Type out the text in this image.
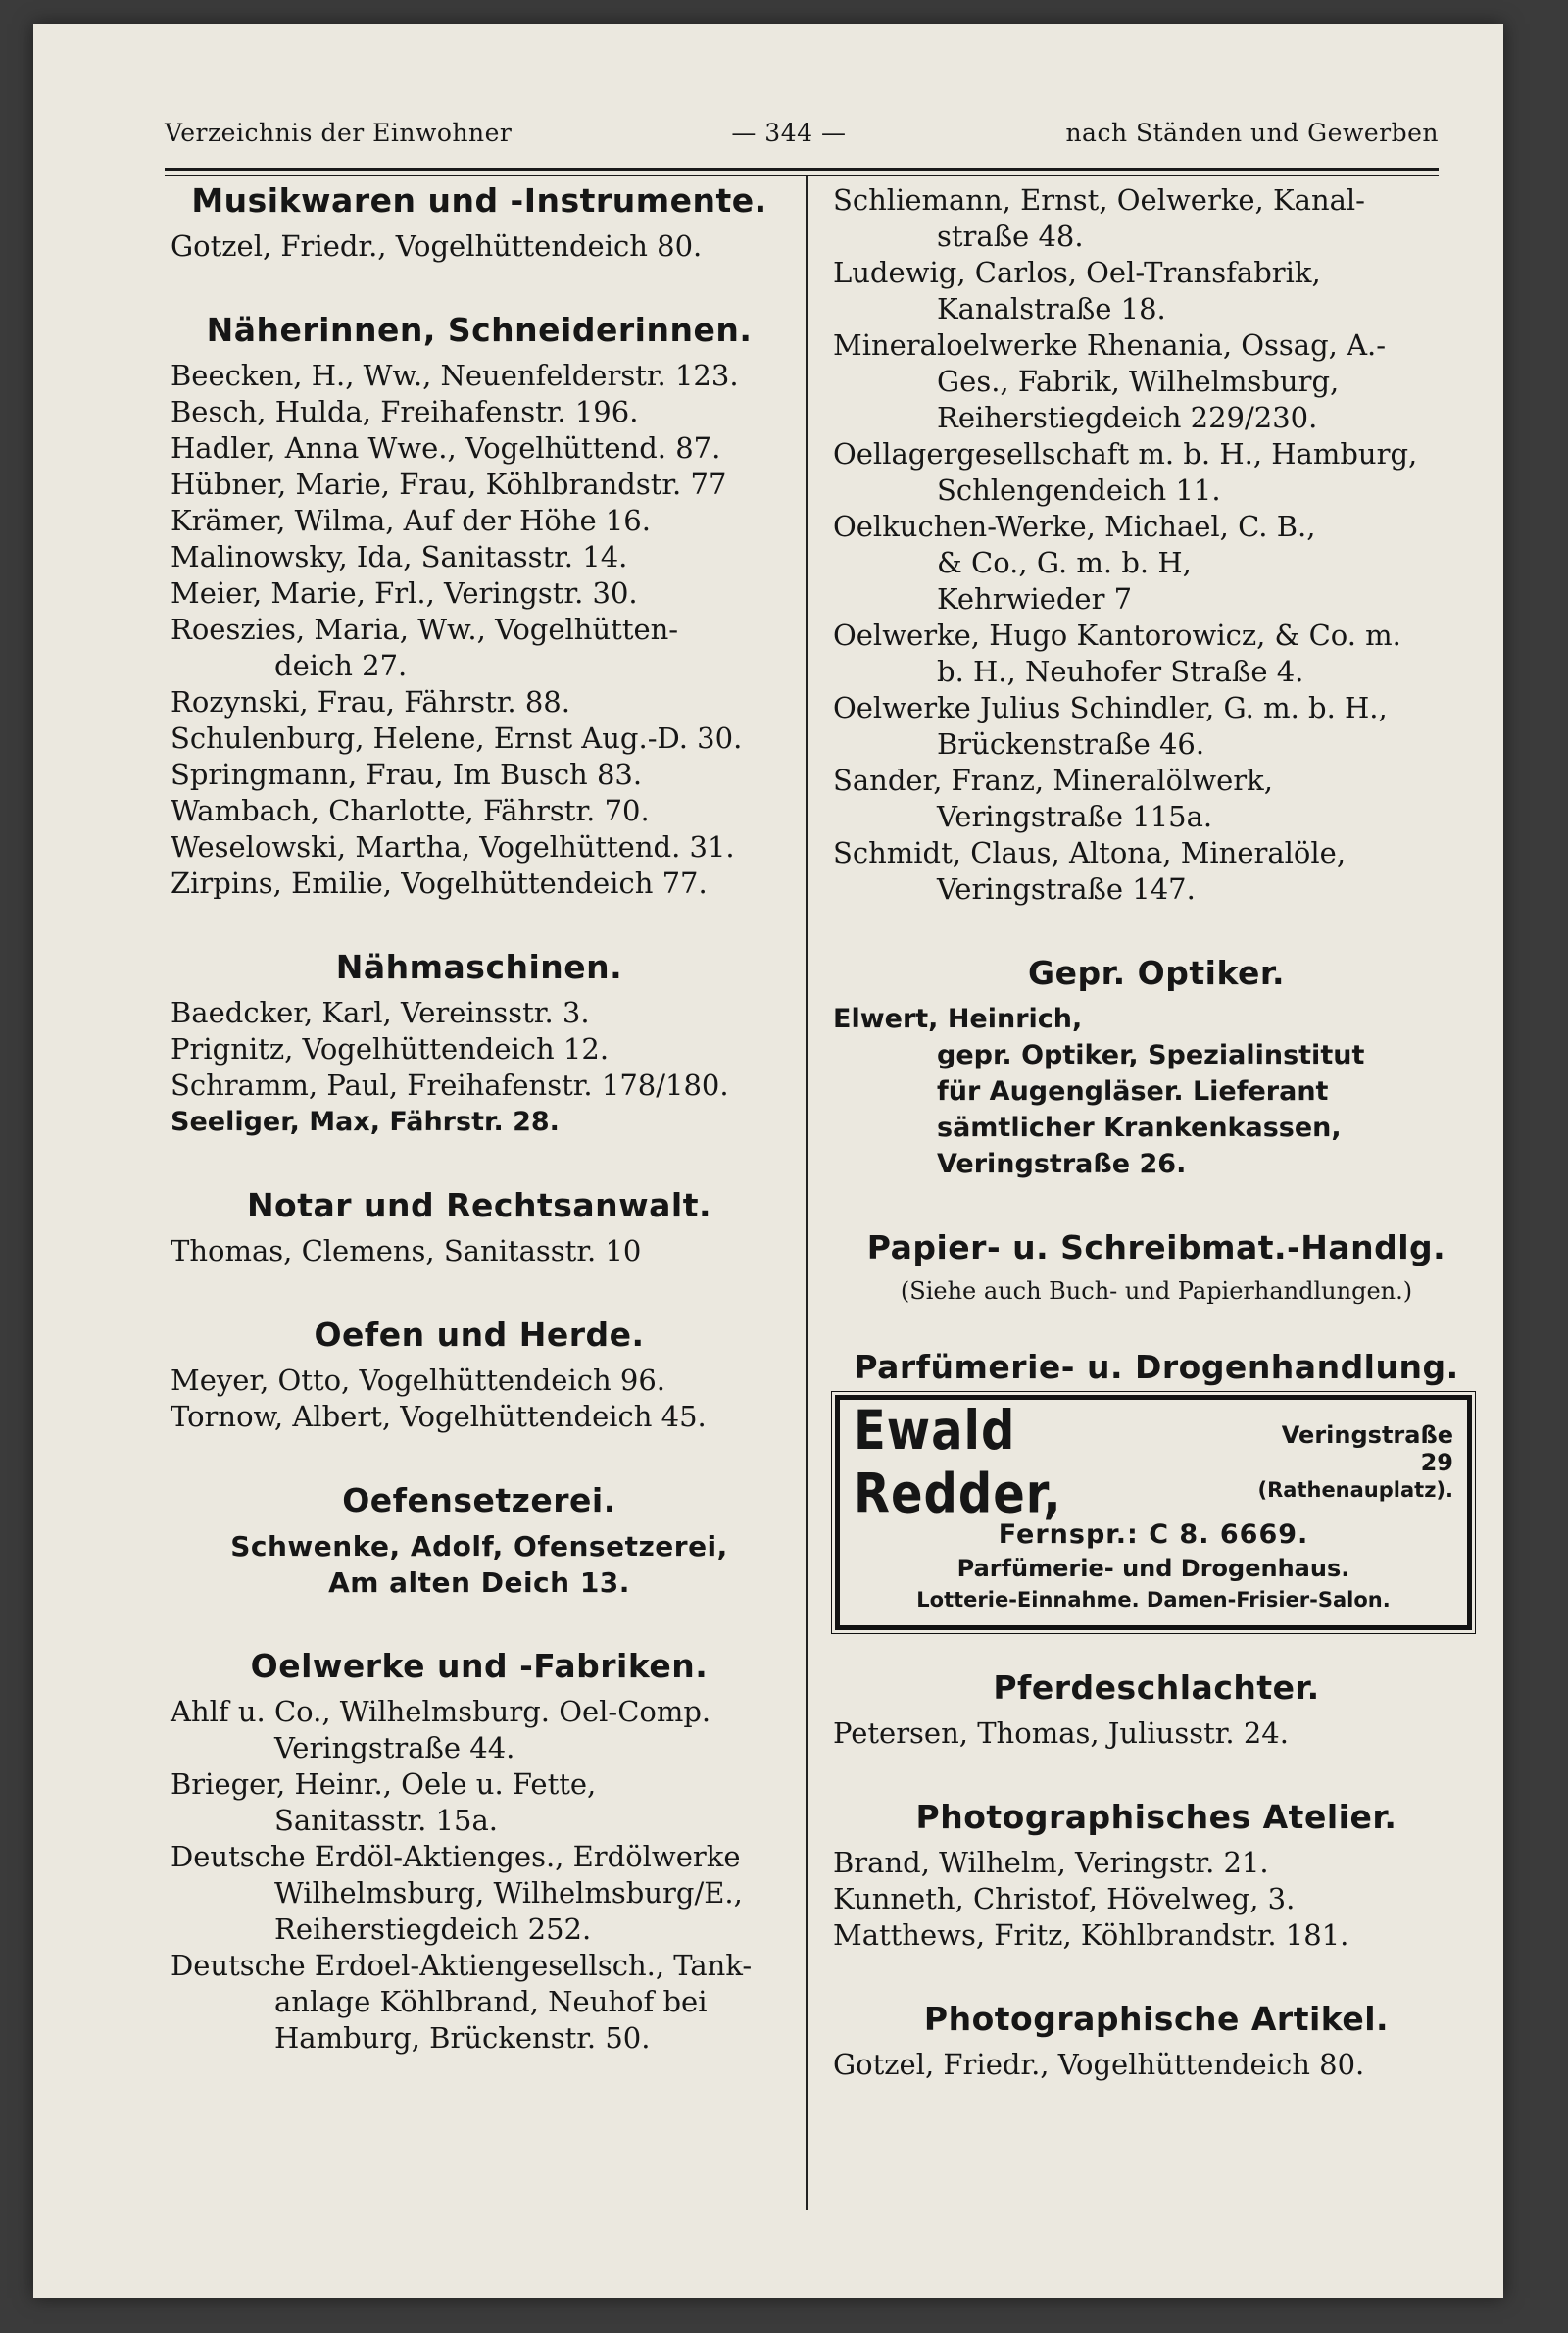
Verzeichnis der Einwohner	— 344 —	nach Ständen und Gewerben
Musikwaren und -Instrumente.
Gotzel, Friedr., Vogelhüttendeich 80.
Näherinnen, Schneiderinnen.
Beecken, H., Ww., Neuenfelderstr. 123.
Besch, Hulda, Freihafenstr. 196.
Hadler, Anna Wwe., Vogelhüttend. 87.
Hübner, Marie, Frau, Köhlbrandstr. 77
Krämer, Wilma, Auf der Höhe 16.
Malinowsky, Ida, Sanitasstr. 14.
Meier, Marie, Frl., Veringstr. 30.
Roeszies, Maria, Ww., Vogelhütten-
deich 27.
Rozynski, Frau, Fährstr. 88.
Schulenburg, Helene, Ernst Aug.-D. 30.
Springmann, Frau, Im Busch 83.
Wambach, Charlotte, Fährstr. 70.
Weselowski, Martha, Vogelhüttend. 31.
Zirpins, Emilie, Vogelhüttendeich 77.
Nähmaschinen.
Baedcker, Karl, Vereinsstr. 3.
Prignitz, Vogelhüttendeich 12.
Schramm, Paul, Freihafenstr. 178/180.
Seeliger, Max, Fährstr. 28.
Notar und Rechtsanwalt.
Thomas, Clemens, Sanitasstr. 10
Oefen und Herde.
Meyer, Otto, Vogelhüttendeich 96.
Tornow, Albert, Vogelhüttendeich 45.
Oefensetzerei.
Schwenke, Adolf, Ofensetzerei,
Am alten Deich 13.
Oelwerke und -Fabriken.
Ahlf u. Co., Wilhelmsburg. Oel-Comp.
Veringstraße 44.
Brieger, Heinr., Oele u. Fette,
Sanitasstr. 15a.
Deutsche Erdöl-Aktienges., Erdölwerke
Wilhelmsburg, Wilhelmsburg/E.,
Reiherstiegdeich 252.
Deutsche Erdoel-Aktiengesellsch., Tank-
anlage Köhlbrand, Neuhof bei
Hamburg, Brückenstr. 50.
Schliemann, Ernst, Oelwerke, Kanal-
straße 48.
Ludewig, Carlos, Oel-Transfabrik,
Kanalstraße 18.
Mineraloelwerke Rhenania, Ossag, A.-
Ges., Fabrik, Wilhelmsburg,
Reiherstiegdeich 229/230.
Oellagergesellschaft m. b. H., Hamburg,
Schlengendeich 11.
Oelkuchen-Werke, Michael, C. B.,
& Co., G. m. b. H,
Kehrwieder 7
Oelwerke, Hugo Kantorowicz, & Co. m.
b. H., Neuhofer Straße 4.
Oelwerke Julius Schindler, G. m. b. H.,
Brückenstraße 46.
Sander, Franz, Mineralölwerk,
Veringstraße 115a.
Schmidt, Claus, Altona, Mineralöle,
Veringstraße 147.
Gepr. Optiker.
Elwert, Heinrich,
gepr. Optiker, Spezialinstitut
für Augengläser. Lieferant
sämtlicher Krankenkassen,
Veringstraße 26.
Papier- u. Schreibmat.-Handlg.
(Siehe auch Buch- und Papierhandlungen.)
Parfümerie- u. Drogenhandlung.
Ewald Redder,
Veringstraße 29
(Rathenauplatz).
Fernspr.: C 8. 6669.
Parfümerie- und Drogenhaus.
Lotterie-Einnahme. Damen-Frisier-Salon.
Pferdeschlachter.
Petersen, Thomas, Juliusstr. 24.
Photographisches Atelier.
Brand, Wilhelm, Veringstr. 21.
Kunneth, Christof, Hövelweg, 3.
Matthews, Fritz, Köhlbrandstr. 181.
Photographische Artikel.
Gotzel, Friedr., Vogelhüttendeich 80.
